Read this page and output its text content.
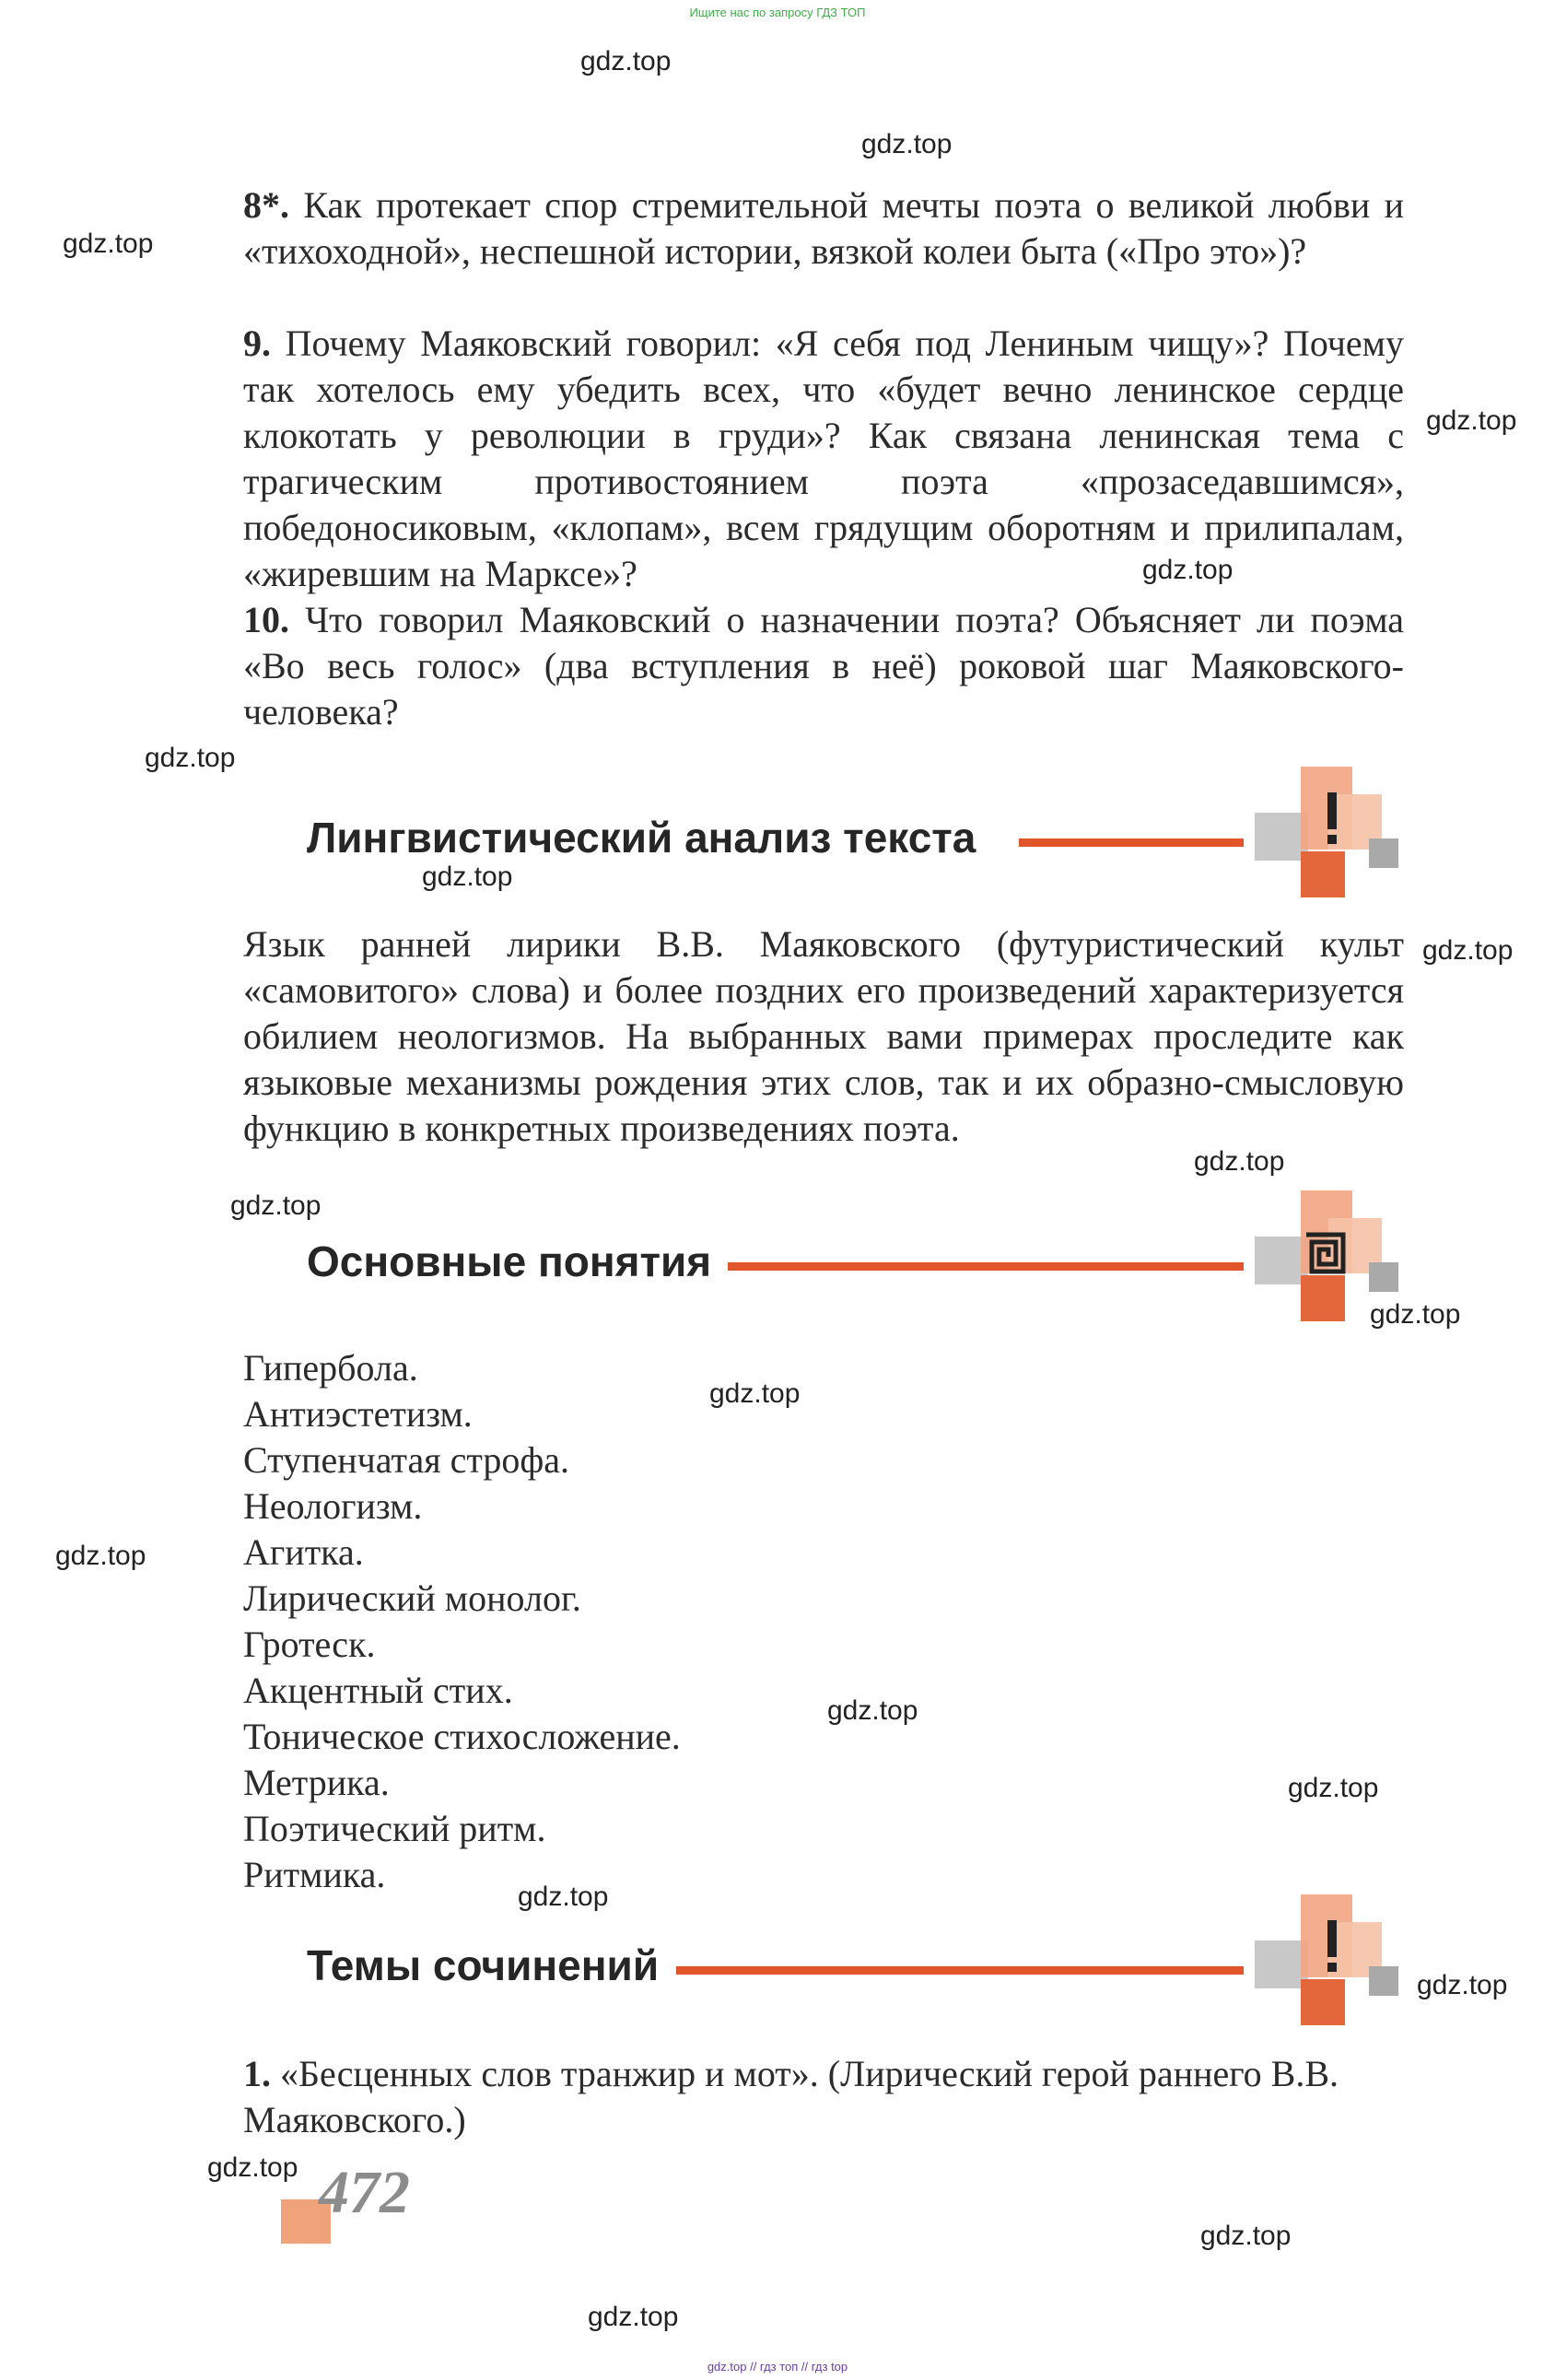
Ищите нас по запросу ГДЗ ТОП
gdz.top
gdz.top
gdz.top
gdz.top
gdz.top
gdz.top
gdz.top
gdz.top
gdz.top
gdz.top
gdz.top
gdz.top
gdz.top
gdz.top
gdz.top
gdz.top
gdz.top
gdz.top
gdz.top
gdz.top
8*. Как протекает спор стремительной мечты поэта о великой любви и «тихоходной», неспешной истории, вязкой колеи быта («Про это»)?
9. Почему Маяковский говорил: «Я себя под Лениным чищу»? Почему так хотелось ему убедить всех, что «будет вечно ленинское сердце клокотать у революции в груди»? Как связана ленинская тема с трагическим противостоянием поэта «прозаседавшимся», победоносиковым, «клопам», всем грядущим оборотням и прилипалам, «жиревшим на Марксе»?
10. Что говорил Маяковский о назначении поэта? Объясняет ли поэма «Во весь голос» (два вступления в неё) роковой шаг Маяковского-человека?
Лингвистический анализ текста
Язык ранней лирики В.В. Маяковского (футуристический культ «самовитого» слова) и более поздних его произведений характеризуется обилием неологизмов. На выбранных вами примерах проследите как языковые механизмы рождения этих слов, так и их образно-смысловую функцию в конкретных произведениях поэта.
Основные понятия
Гипербола.
Антиэстетизм.
Ступенчатая строфа.
Неологизм.
Агитка.
Лирический монолог.
Гротеск.
Акцентный стих.
Тоническое стихосложение.
Метрика.
Поэтический ритм.
Ритмика.
Темы сочинений
1. «Бесценных слов транжир и мот». (Лирический герой раннего В.В. Маяковского.)
472
gdz.top // гдз топ // гдз top
